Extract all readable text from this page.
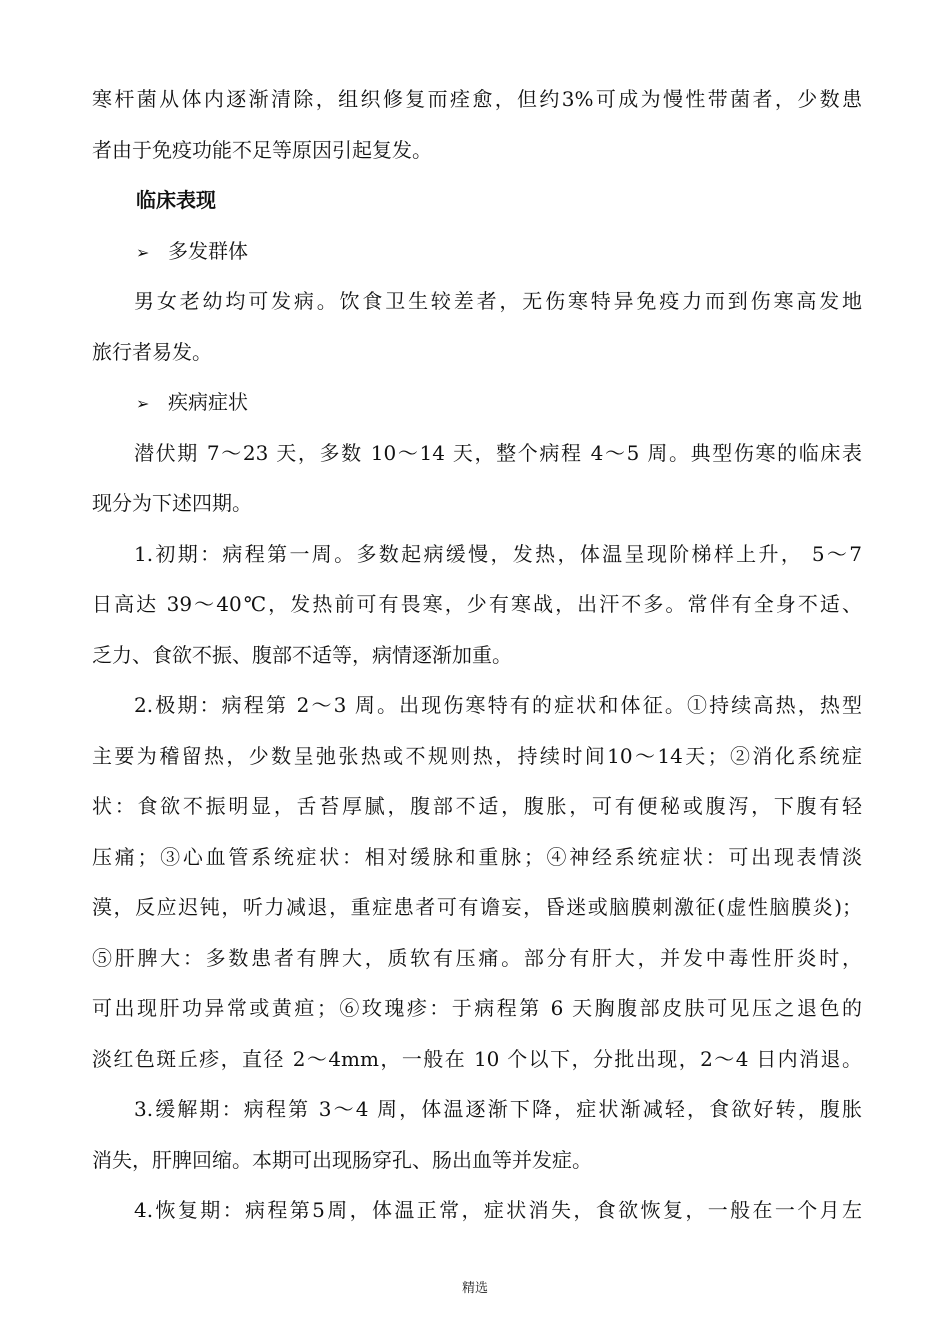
寒杆菌从体内逐渐清除，组织修复而痊愈，但约3%可成为慢性带菌者，少数患
者由于免疫功能不足等原因引起复发。
临床表现
➢ 多发群体
男女老幼均可发病。饮食卫生较差者，无伤寒特异免疫力而到伤寒高发地
旅行者易发。
➢ 疾病症状
潜伏期 7～23 天，多数 10～14 天，整个病程 4～5 周。典型伤寒的临床表
现分为下述四期。
1.初期：病程第一周。多数起病缓慢，发热，体温呈现阶梯样上升， 5～7
日高达 39～40℃，发热前可有畏寒，少有寒战，出汗不多。常伴有全身不适、
乏力、食欲不振、腹部不适等，病情逐渐加重。
2.极期：病程第 2～3 周。出现伤寒特有的症状和体征。①持续高热，热型
主要为稽留热，少数呈弛张热或不规则热，持续时间10～14天；②消化系统症
状：食欲不振明显，舌苔厚腻，腹部不适，腹胀，可有便秘或腹泻，下腹有轻
压痛；③心血管系统症状：相对缓脉和重脉；④神经系统症状：可出现表情淡
漠，反应迟钝，听力减退，重症患者可有谵妄，昏迷或脑膜刺激征(虚性脑膜炎)；
⑤肝脾大：多数患者有脾大，质软有压痛。部分有肝大，并发中毒性肝炎时，
可出现肝功异常或黄疸；⑥玫瑰疹：于病程第 6 天胸腹部皮肤可见压之退色的
淡红色斑丘疹，直径 2～4mm，一般在 10 个以下，分批出现，2～4 日内消退。
3.缓解期：病程第 3～4 周，体温逐渐下降，症状渐减轻，食欲好转，腹胀
消失，肝脾回缩。本期可出现肠穿孔、肠出血等并发症。
4.恢复期：病程第5周，体温正常，症状消失，食欲恢复，一般在一个月左
精选
